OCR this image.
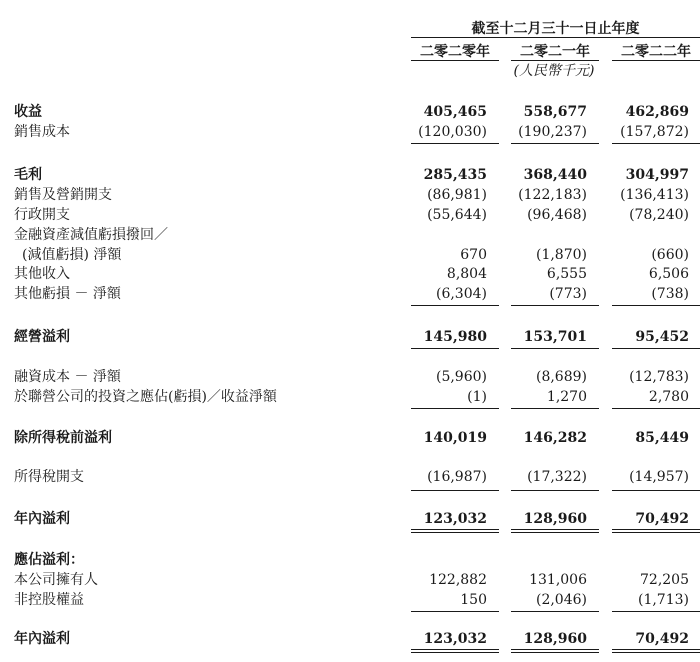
截至十二月三十一日止年度
二零二零年	二零二一年	二零二二年
(人民幣千元)
收益	405,465	558,677	462,869
銷售成本	(120,030)	(190,237)	(157,872)
毛利	285,435	368,440	304,997
銷售及營銷開支	(86,981)	(122,183)	(136,413)
行政開支	(55,644)	(96,468)	(78,240)
金融資產減值虧損撥回／
(減值虧損) 淨額	670	(1,870)	(660)
其他收入	8,804	6,555	6,506
其他虧損 － 淨額	(6,304)	(773)	(738)
經營溢利	145,980	153,701	95,452
融資成本 － 淨額	(5,960)	(8,689)	(12,783)
於聯營公司的投資之應佔(虧損)／收益淨額	(1)	1,270	2,780
除所得稅前溢利	140,019	146,282	85,449
所得稅開支	(16,987)	(17,322)	(14,957)
年內溢利	123,032	128,960	70,492
應佔溢利：
本公司擁有人	122,882	131,006	72,205
非控股權益	150	(2,046)	(1,713)
年內溢利	123,032	128,960	70,492
